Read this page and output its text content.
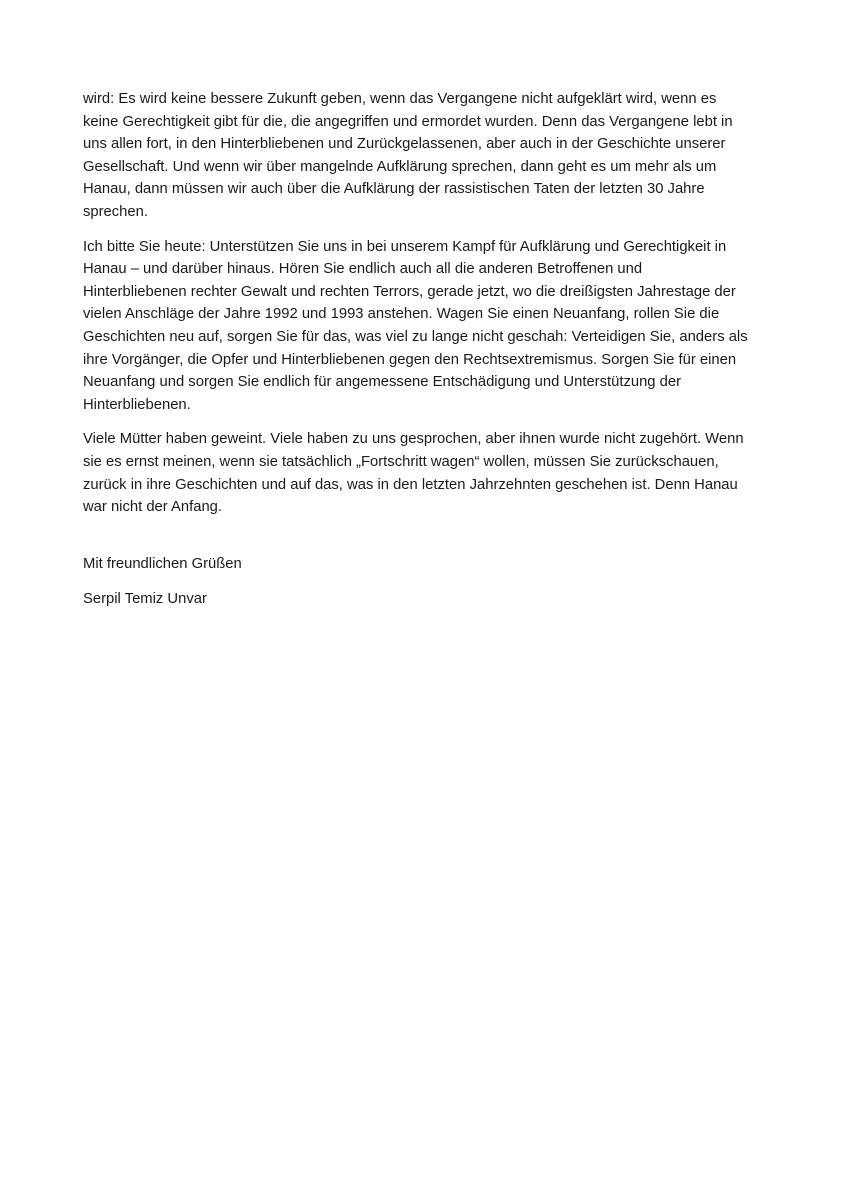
wird: Es wird keine bessere Zukunft geben, wenn das Vergangene nicht aufgeklärt wird, wenn es
keine Gerechtigkeit gibt für die, die angegriffen und ermordet wurden. Denn das Vergangene lebt in
uns allen fort, in den Hinterbliebenen und Zurückgelassenen, aber auch in der Geschichte unserer
Gesellschaft. Und wenn wir über mangelnde Aufklärung sprechen, dann geht es um mehr als um
Hanau, dann müssen wir auch über die Aufklärung der rassistischen Taten der letzten 30 Jahre
sprechen.

Ich bitte Sie heute: Unterstützen Sie uns in bei unserem Kampf für Aufklärung und Gerechtigkeit in
Hanau – und darüber hinaus. Hören Sie endlich auch all die anderen Betroffenen und
Hinterbliebenen rechter Gewalt und rechten Terrors, gerade jetzt, wo die dreißigsten Jahrestage der
vielen Anschläge der Jahre 1992 und 1993 anstehen. Wagen Sie einen Neuanfang, rollen Sie die
Geschichten neu auf, sorgen Sie für das, was viel zu lange nicht geschah: Verteidigen Sie, anders als
ihre Vorgänger, die Opfer und Hinterbliebenen gegen den Rechtsextremismus. Sorgen Sie für einen
Neuanfang und sorgen Sie endlich für angemessene Entschädigung und Unterstützung der
Hinterbliebenen.

Viele Mütter haben geweint. Viele haben zu uns gesprochen, aber ihnen wurde nicht zugehört. Wenn
sie es ernst meinen, wenn sie tatsächlich „Fortschritt wagen“ wollen, müssen Sie zurückschauen,
zurück in ihre Geschichten und auf das, was in den letzten Jahrzehnten geschehen ist. Denn Hanau
war nicht der Anfang.

Mit freundlichen Grüßen

Serpil Temiz Unvar
